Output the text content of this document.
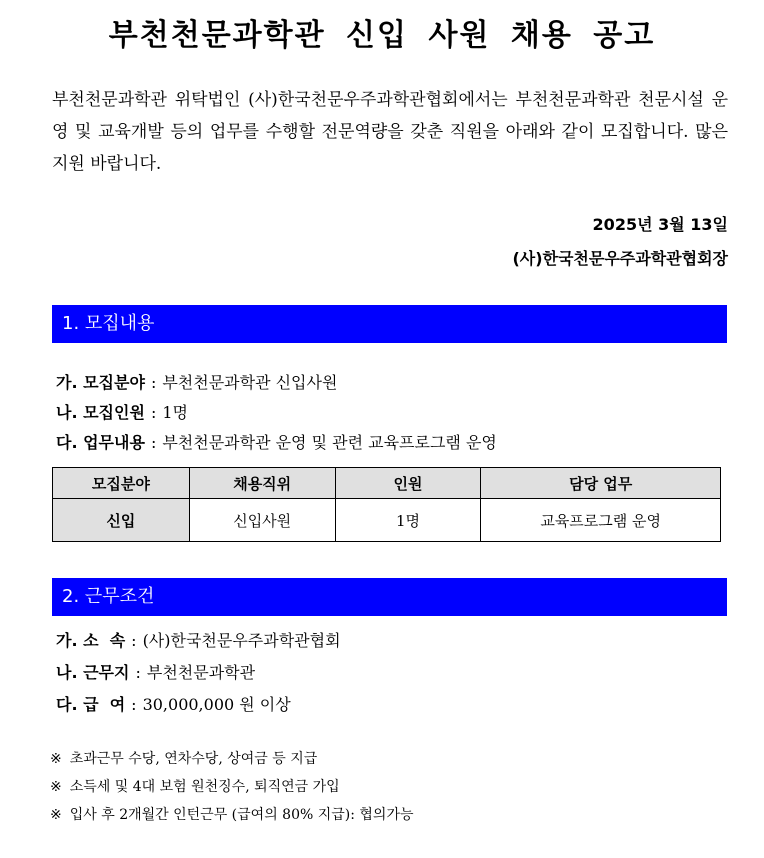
부천천문과학관 신입 사원 채용 공고

부천천문과학관 위탁법인 (사)한국천문우주과학관협회에서는 부천천문과학관 천문시설 운영 및 교육개발 등의 업무를 수행할 전문역량을 갖춘 직원을 아래와 같이 모집합니다. 많은 지원 바랍니다.

2025년 3월 13일
(사)한국천문우주과학관협회장
1. 모집내용
가. 모집분야 : 부천천문과학관 신입사원
나. 모집인원 : 1명
다. 업무내용 : 부천천문과학관 운영 및 관련 교육프로그램 운영
모집분야	채용직위	인원	담당 업무
신입	신입사원	1명	교육프로그램 운영
2. 근무조건
가. 소  속 : (사)한국천문우주과학관협회
나. 근무지 : 부천천문과학관
다. 급  여 : 30,000,000 원 이상
※ 초과근무 수당, 연차수당, 상여금 등 지급
※ 소득세 및 4대 보험 원천징수, 퇴직연금 가입
※ 입사 후 2개월간 인턴근무 (급여의 80% 지급): 협의가능
